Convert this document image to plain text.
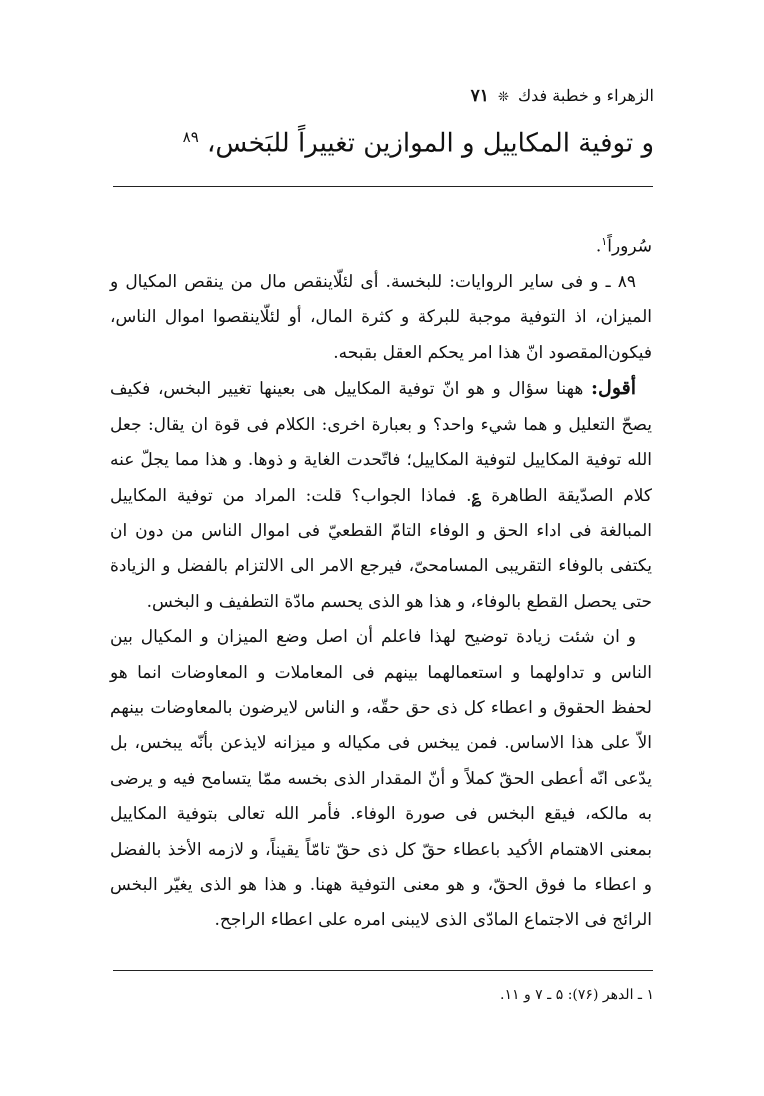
الزهراء و خطبة فدك ❊ ۷۱
و توفية المكاييل و الموازين تغييراً للبَخس، $^{۸۹}$

سُروراً$^۱$.

۸۹ ـ و فى ساير الروايات: للبخسة. أى لئلّاينقص مال من ينقص المكيال و الميزان، اذ التوفية موجبة للبركة و كثرة المال، أو لئلّاينقصوا اموال الناس، فيكون‌المقصود انّ هذا امر يحكم العقل بقبحه.

أقول: ههنا سؤال و هو انّ توفية المكاييل هى بعينها تغيير البخس، فكيف يصحّ التعليل و هما شيء واحد؟ و بعبارة اخرى: الكلام فى قوة ان يقال: جعل الله توفية المكاييل لتوفية المكاييل؛ فاتّحدت الغاية و ذوها. و هذا مما يجلّ عنه كلام الصدّيقة الطاهرة ؏. فماذا الجواب؟ قلت: المراد من توفية المكاييل المبالغة فى اداء الحق و الوفاء التامّ القطعيّ فى اموال الناس من دون ان يكتفى بالوفاء التقريبى المسامحىّ، فيرجع الامر الى الالتزام بالفضل و الزيادة حتى يحصل القطع بالوفاء، و هذا هو الذى يحسم مادّة التطفيف و البخس.

و ان شئت زيادة توضيح لهذا فاعلم أن اصل وضع الميزان و المكيال بين الناس و تداولهما و استعمالهما بينهم فى المعاملات و المعاوضات انما هو لحفظ الحقوق و اعطاء كل ذى حق حقّه، و الناس لايرضون بالمعاوضات بينهم الاّ على هذا الاساس. فمن يبخس فى مكياله و ميزانه لايذعن بأنّه يبخس، بل يدّعى انّه أعطى الحقّ كملاً و أنّ المقدار الذى بخسه ممّا يتسامح فيه و يرضى به مالكه، فيقع البخس فى صورة الوفاء. فأمر الله تعالى بتوفية المكاييل بمعنى الاهتمام الأكيد باعطاء حقّ كل ذى حقّ تامّاً يقيناً، و لازمه الأخذ بالفضل و اعطاء ما فوق الحقّ، و هو معنى التوفية ههنا. و هذا هو الذى يغيّر البخس الرائج فى الاجتماع المادّى الذى لايبنى امره على اعطاء الراجح.

۱ ـ الدهر (۷۶): ۵ ـ ۷ و ۱۱.
